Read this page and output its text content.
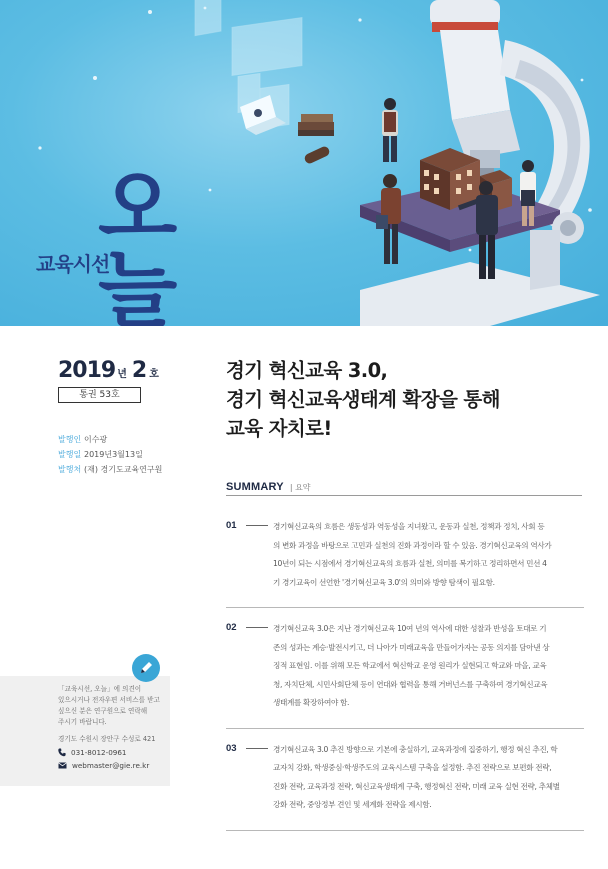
오늘
교육시선
2019 년 2 호
통권 53호
발행인 이수광
발행일 2019년3월13일
발행처 (재) 경기도교육연구원
경기 혁신교육 3.0,
경기 혁신교육생태계 확장을 통해
교육 자치로!
SUMMARY | 요약
01	경기혁신교육의 흐름은 생동성과 역동성을 지녀왔고, 운동과 실천, 정책과 정치, 사회 등
의 변화 과정을 바탕으로 고민과 실천의 진화 과정이라 할 수 있음. 경기혁신교육의 역사가
10년이 되는 시점에서 경기혁신교육의 흐름과 실천, 의미를 복기하고 정리하면서 민선 4
기 경기교육이 선언한 '경기혁신교육 3.0'의 의미와 방향 탐색이 필요함.
02	경기혁신교육 3.0은 지난 경기혁신교육 10여 년의 역사에 대한 성찰과 반성을 토대로 기
존의 성과는 계승·발전시키고, 더 나아가 미래교육을 만들어가자는 공동 의지를 담아낸 상
징적 표현임. 이를 위해 모든 학교에서 혁신학교 운영 원리가 실현되고 학교와 마을, 교육
청, 자치단체, 시민사회단체 등이 연대와 협력을 통해 거버넌스를 구축하여 경기혁신교육
생태계를 확장하여야 함.
03	경기혁신교육 3.0 추진 방향으로 기본에 충실하기, 교육과정에 집중하기, 행정 혁신 추진, 학
교자치 강화, 학생중심·학생주도의 교육시스템 구축을 설정함. 추진 전략으로 보편화 전략,
진화 전략, 교육과정 전략, 혁신교육생태계 구축, 행정혁신 전략, 미래 교육 실현 전략, 추체별
강화 전략, 중앙정부 견인 및 세계화 전략을 제시함.
「교육시선, 오늘」에 의견이
있으시거나 전자우편 서비스를 받고
싶으신 분은 연구원으로 연락해
주시기 바랍니다.
경기도 수원시 장안구 수성로 421
031-8012-0961
webmaster@gie.re.kr
